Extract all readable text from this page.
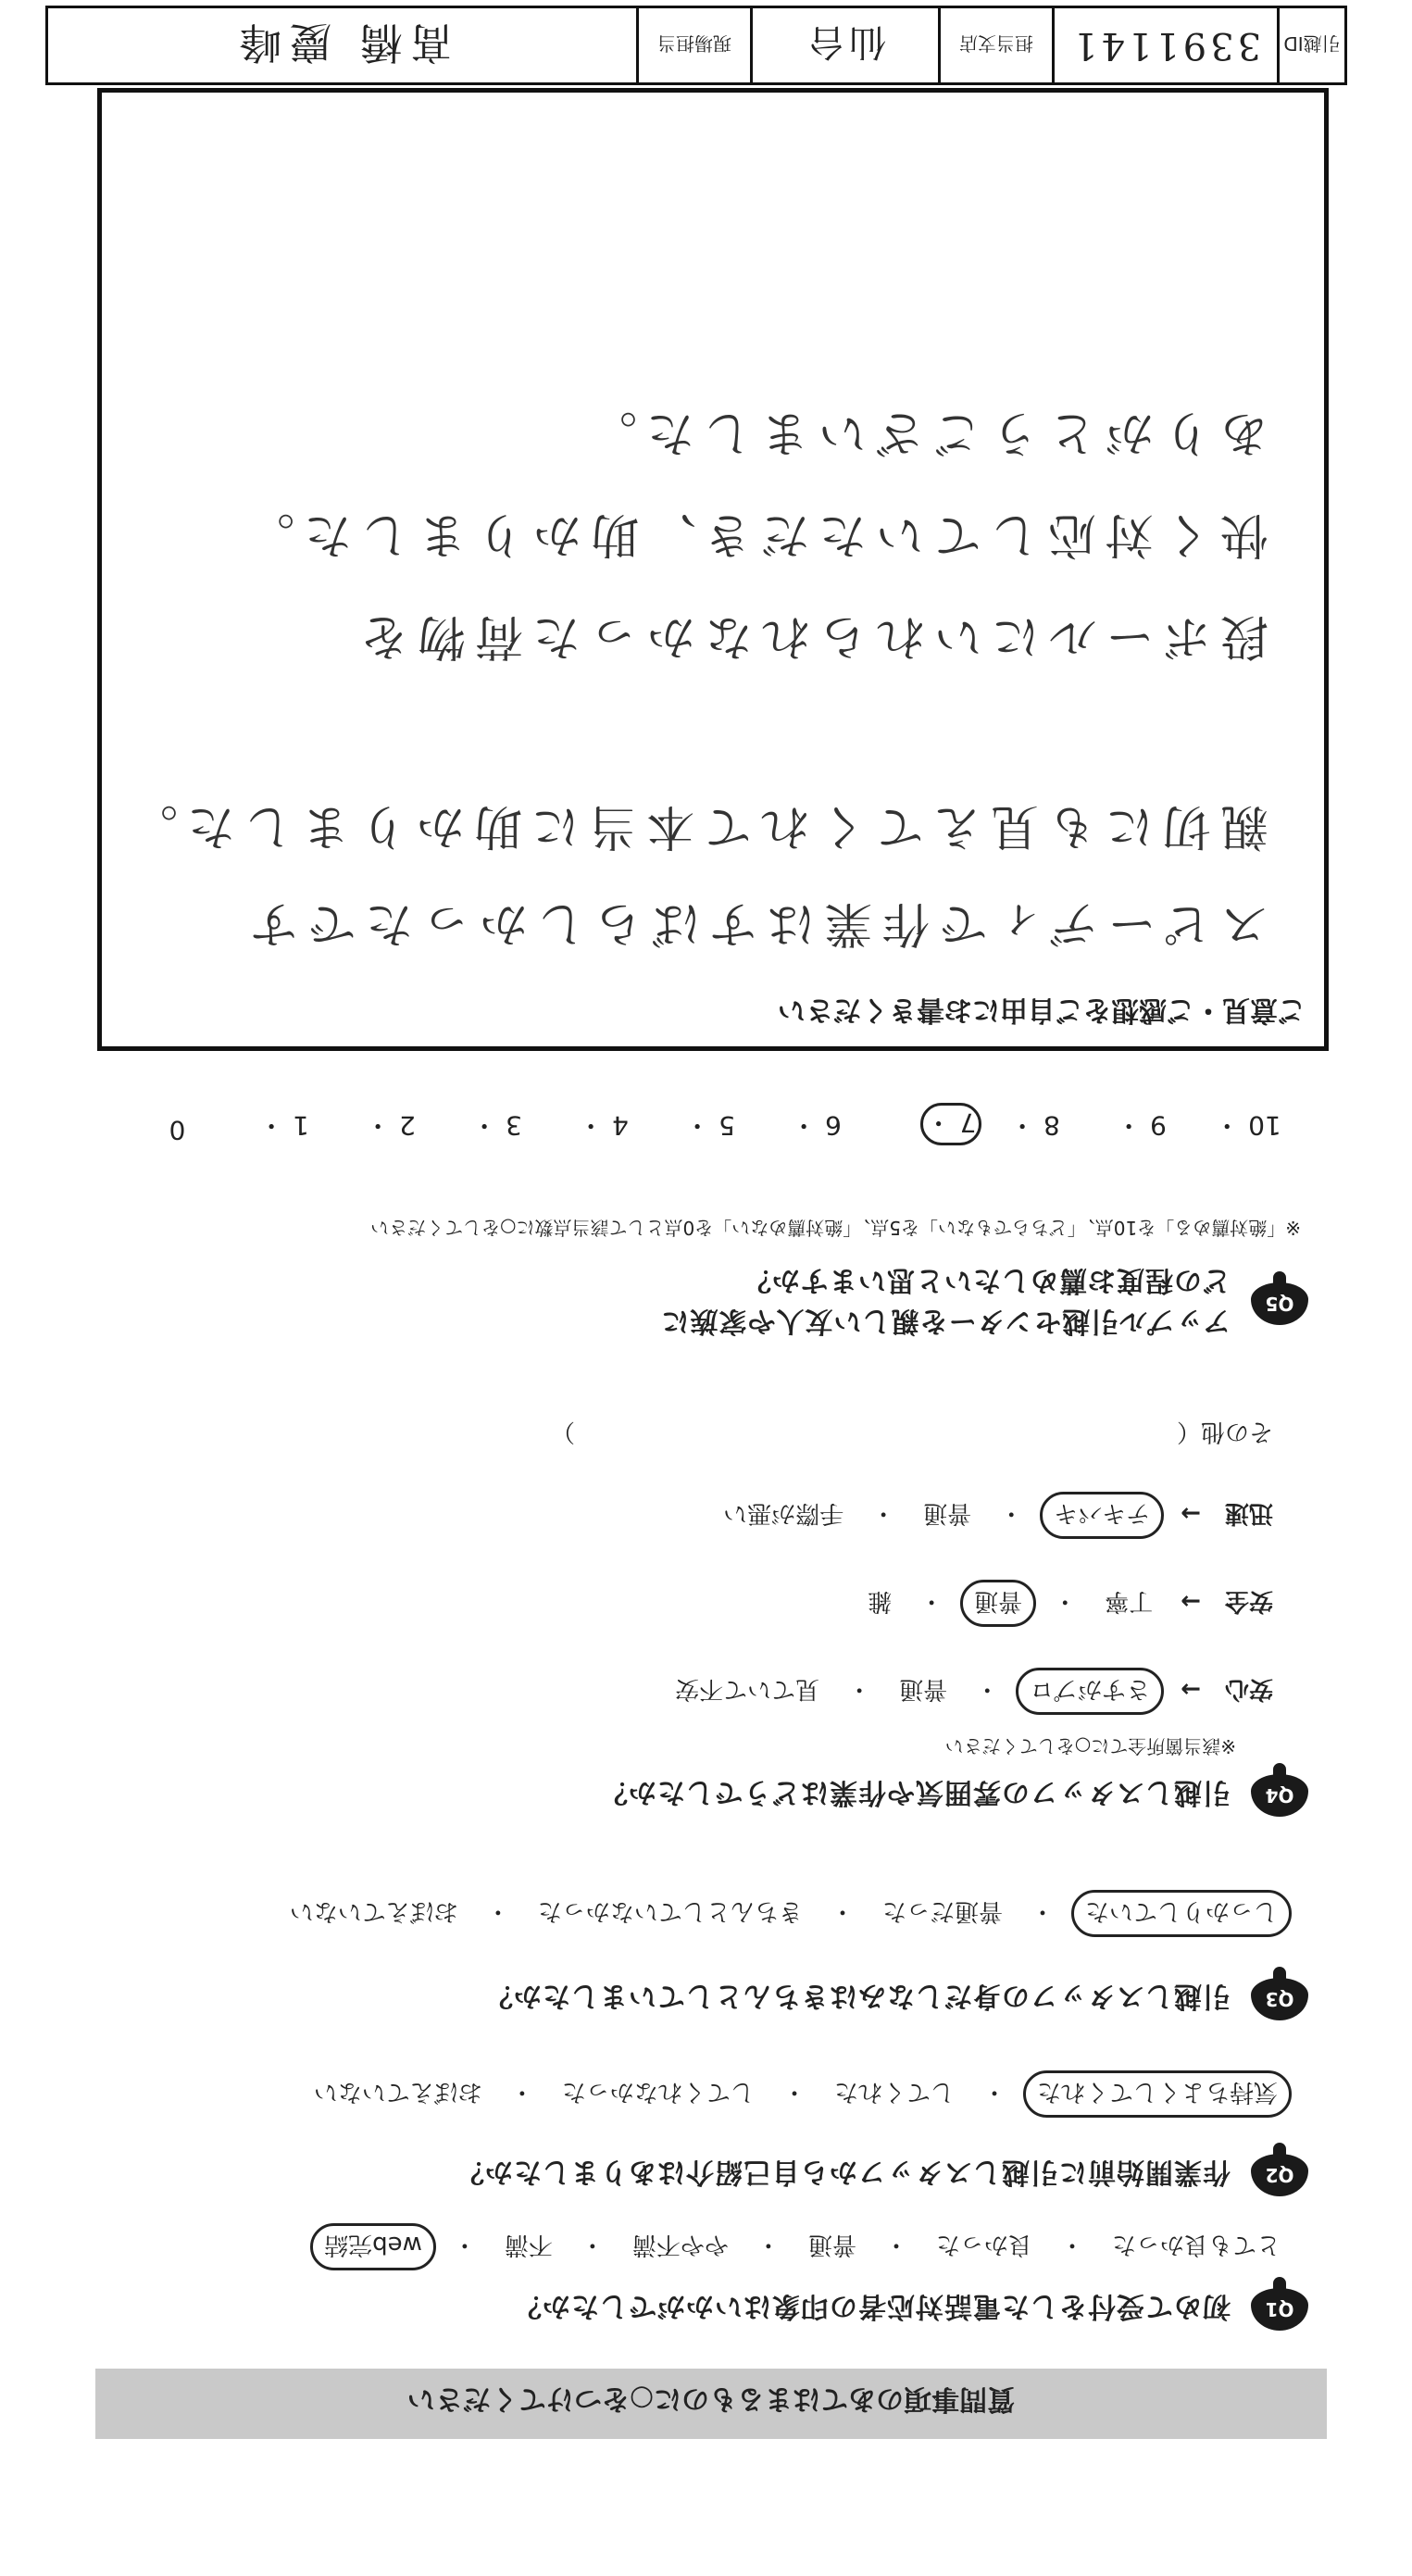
引越ID
3391141
担当支店
仙台
現場担当
髙橋 慶峰
ご意見・ご感想をご自由にお書きください
スピーディで作業はすばらしかったです
親切にも見えてくれて本当に助かりました。
段ボールにいれられなかった荷物を
快く対応していただき、助かりました。
ありがとうございました。
※「絶対薦める」を10点、「どちらでもない」を5点、「絶対薦めない」を0点として該当点数に○をしてください
Q5
アップル引越センターを親しい友人や家族に
どの程度お薦めしたいと思いますか？
10 ・
9 ・
8 ・
7 ・
6 ・
5 ・
4 ・
3 ・
2 ・
1 ・
0
Q4
引越しスタッフの雰囲気や作業はどうでしたか？
※該当箇所全てに○をしてください
安心　→
さすがプロ
・
普通
・
見ていて不安
安全　→
丁寧
・
普通
・
雑
迅速　→
テキパキ
・
普通
・
手際が悪い
その他（　　　　　　　　　　　　　　　　　　　　　　　　　）
Q3
引越しスタッフの身だしなみはきちんとしていましたか？
しっかりしていた
・
普通だった
・
きちんとしていなかった
・
おぼえていない
Q2
作業開始前に引越しスタッフから自己紹介はありましたか？
気持ちよくしてくれた
・
してくれた
・
してくれなかった
・
おぼえていない
Q1
初めて受付をした電話対応者の印象はいかがでしたか？
とても良かった
・
良かった
・
普通
・
やや不満
・
不満
・
web完結
質問事項のあてはまるものに○をつけてください
